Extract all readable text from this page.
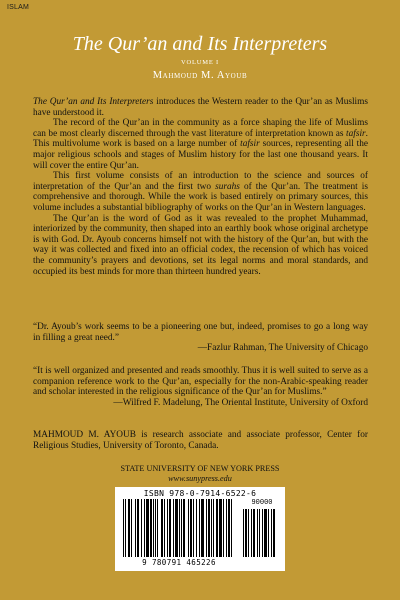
ISLAM
The Qur’an and Its Interpreters
VOLUME I
Mahmoud M. Ayoub

The Qur’an and Its Interpreters introduces the Western reader to the Qur’an as Muslims have understood it.

The record of the Qur’an in the community as a force shaping the life of Muslims can be most clearly discerned through the vast literature of interpretation known as tafsir. This multivolume work is based on a large number of tafsir sources, representing all the major religious schools and stages of Muslim history for the last one thousand years. It will cover the entire Qur’an.

This first volume consists of an introduction to the science and sources of interpretation of the Qur’an and the first two surahs of the Qur’an. The treatment is comprehensive and thorough. While the work is based entirely on primary sources, this volume includes a substantial bibliography of works on the Qur’an in Western languages.

The Qur’an is the word of God as it was revealed to the prophet Muhammad, interiorized by the community, then shaped into an earthly book whose original archetype is with God. Dr. Ayoub concerns himself not with the history of the Qur’an, but with the way it was collected and fixed into an official codex, the recension of which has voiced the community’s prayers and devotions, set its legal norms and moral standards, and occupied its best minds for more than thirteen hundred years.

“Dr. Ayoub’s work seems to be a pioneering one but, indeed, promises to go a long way in filling a great need.”

—Fazlur Rahman, The University of Chicago

“It is well organized and presented and reads smoothly. Thus it is well suited to serve as a companion reference work to the Qur’an, especially for the non-Arabic-speaking reader and scholar interested in the religious significance of the Qur’an for Muslims.”

—Wilfred F. Madelung, The Oriental Institute, University of Oxford

MAHMOUD M. AYOUB is research associate and associate professor, Center for Religious Studies, University of Toronto, Canada.
STATE UNIVERSITY OF NEW YORK PRESS
www.sunypress.edu
ISBN 978-0-7914-6522-6
90000
9 780791 465226
